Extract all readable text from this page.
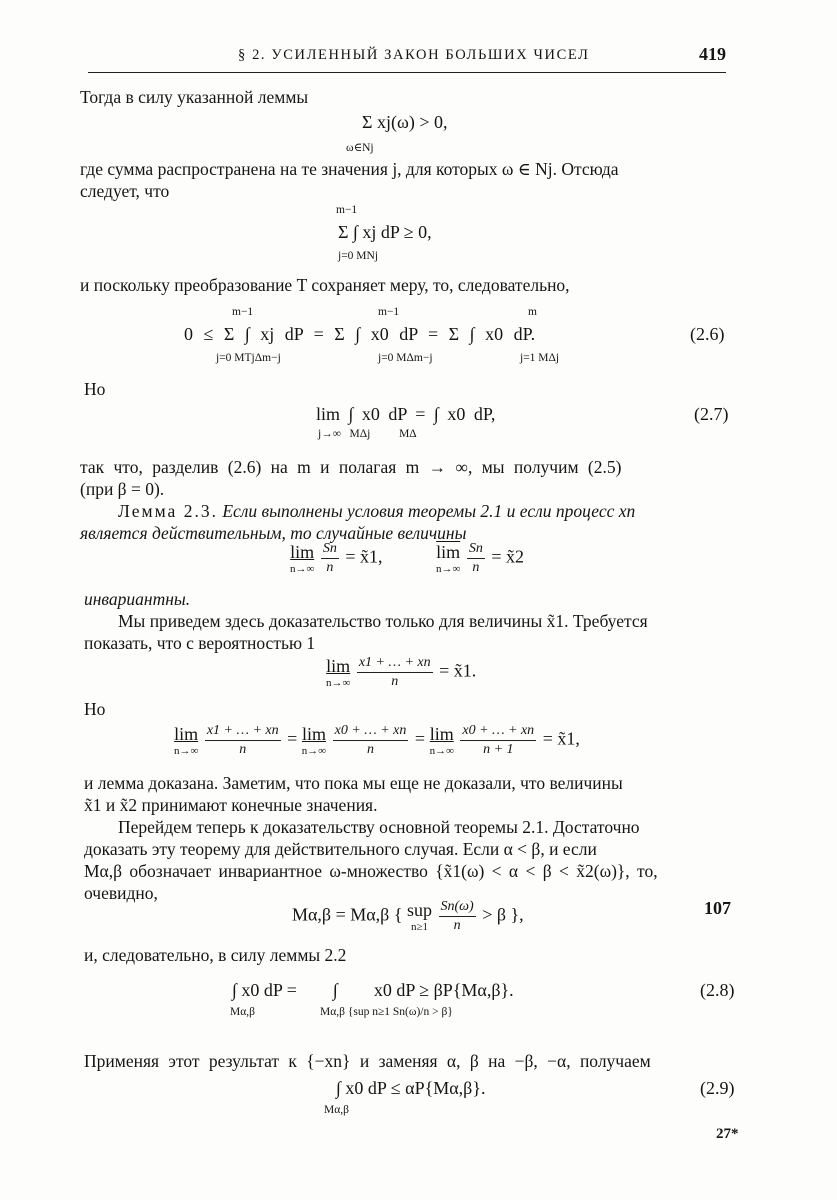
§ 2. УСИЛЕННЫЙ ЗАКОН БОЛЬШИХ ЧИСЕЛ	419
Тогда в силу указанной леммы
Σ xj(ω) > 0,
ω∈Nj
где сумма распространена на те значения j, для которых ω ∈ Nj. Отсюда
следует, что
m−1
Σ ∫ xj dP ≥ 0,
j=0 MNj
и поскольку преобразование T сохраняет меру, то, следовательно,
m−1	m−1	m
0 ≤ Σ ∫ xj dP = Σ ∫ x0 dP = Σ ∫ x0 dP.
j=0 MTjΔm−j	j=0 MΔm−j	j=1 MΔj
(2.6)
Но
lim ∫ x0 dP = ∫ x0 dP,
j→∞   MΔj          MΔ
(2.7)
так что, разделив (2.6) на m и полагая m → ∞, мы получим (2.5)
(при β = 0).
Лемма 2.3. Если выполнены условия теоремы 2.1 и если процесс xn
является действительным, то случайные величины
lim
n→∞
$\frac{Sn}{n}$ = x̃1,	$\overline{lim}$
n→∞
$\frac{Sn}{n}$ = x̃2
инвариантны.
Мы приведем здесь доказательство только для величины x̃1. Требуется
показать, что с вероятностью 1
lim
n→∞
$\frac{x1 + \dots + xn}{n}$ = x̃1.
Но
lim
n→∞
$\frac{x1 + \dots + xn}{n} = \lim$
n→∞
$\frac{x0 + \dots + xn}{n} = \lim$
n→∞
$\frac{x0 + \dots + xn}{n + 1}$ = x̃1,
и лемма доказана. Заметим, что пока мы еще не доказали, что величины
x̃1 и x̃2 принимают конечные значения.
Перейдем теперь к доказательству основной теоремы 2.1. Достаточно
доказать эту теорему для действительного случая. Если α < β, и если
Mα,β обозначает инвариантное ω-множество {x̃1(ω) < α < β < x̃2(ω)}, то,
очевидно,
Mα,β = Mα,β { sup
n≥1
$\frac{Sn(\omega)}{n} > \beta$ },	107
и, следовательно, в силу леммы 2.2
∫ x0 dP =        ∫        x0 dP ≥ βP{Mα,β}.
Mα,β	Mα,β {sup n≥1 Sn(ω)/n > β}
(2.8)
Применяя этот результат к {−xn} и заменяя α, β на −β, −α, получаем
∫ x0 dP ≤ αP{Mα,β}.
Mα,β
(2.9)
27*
